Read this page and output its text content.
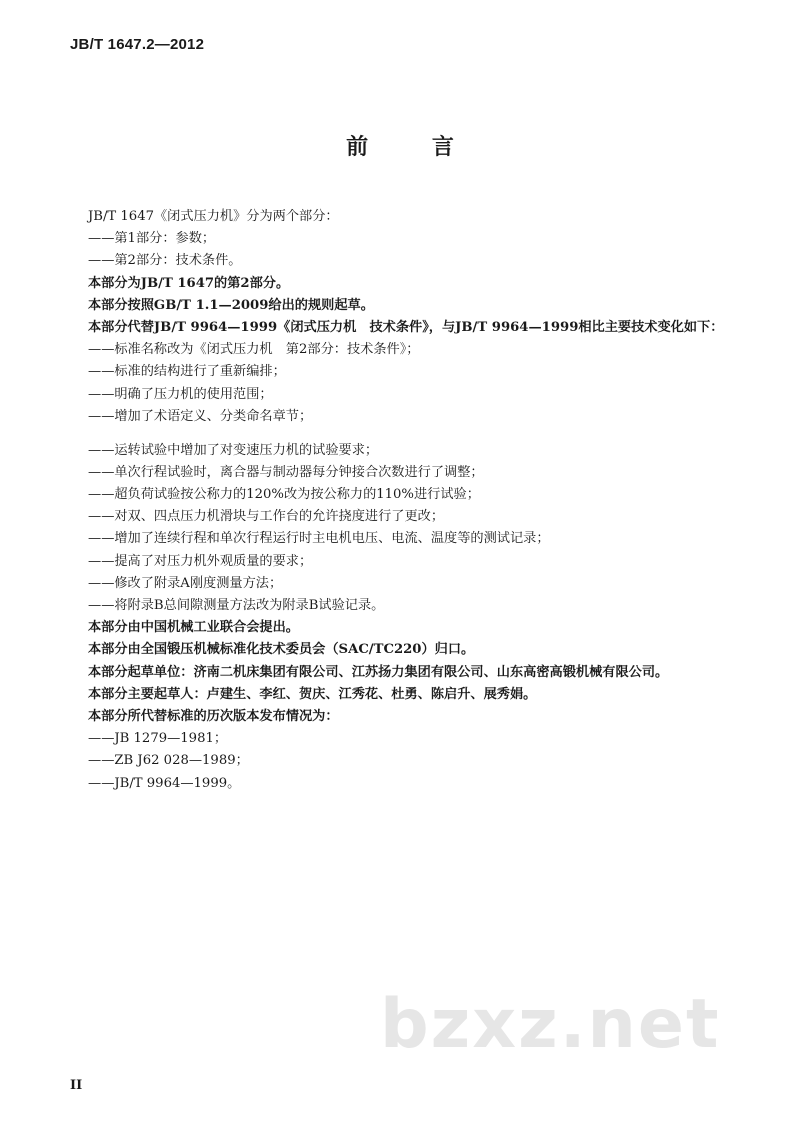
JB/T 1647.2—2012
前 言
JB/T 1647《闭式压力机》分为两个部分：
——第1部分：参数；
——第2部分：技术条件。
本部分为JB/T 1647的第2部分。
本部分按照GB/T 1.1—2009给出的规则起草。
本部分代替JB/T 9964—1999《闭式压力机　技术条件》，与JB/T 9964—1999相比主要技术变化如下：
——标准名称改为《闭式压力机　第2部分：技术条件》；
——标准的结构进行了重新编排；
——明确了压力机的使用范围；
——增加了术语定义、分类命名章节；
——运转试验中增加了对变速压力机的试验要求；
——单次行程试验时，离合器与制动器每分钟接合次数进行了调整；
——超负荷试验按公称力的120%改为按公称力的110%进行试验；
——对双、四点压力机滑块与工作台的允许挠度进行了更改；
——增加了连续行程和单次行程运行时主电机电压、电流、温度等的测试记录；
——提高了对压力机外观质量的要求；
——修改了附录A刚度测量方法；
——将附录B总间隙测量方法改为附录B试验记录。
本部分由中国机械工业联合会提出。
本部分由全国锻压机械标准化技术委员会（SAC/TC220）归口。
本部分起草单位：济南二机床集团有限公司、江苏扬力集团有限公司、山东高密高锻机械有限公司。
本部分主要起草人：卢建生、李红、贺庆、江秀花、杜勇、陈启升、展秀娟。
本部分所代替标准的历次版本发布情况为：
——JB 1279—1981；
——ZB J62 028—1989；
——JB/T 9964—1999。
bzxz.net
II
